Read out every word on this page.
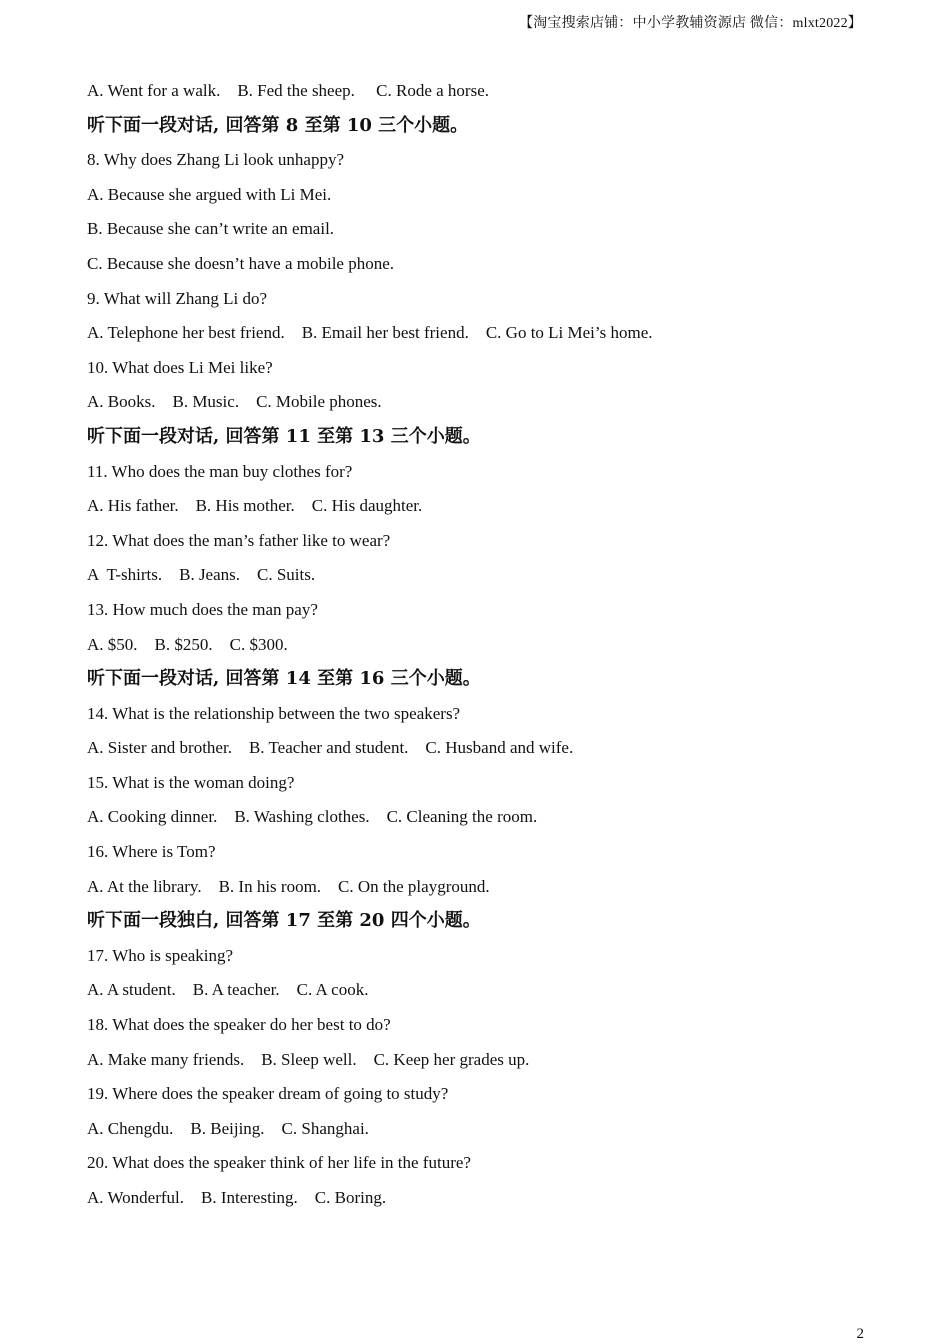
【淘宝搜索店铺：中小学教辅资源店 微信：mlxt2022】
A. Went for a walk.    B. Fed the sheep.     C. Rode a horse.
听下面一段对话, 回答第 8 至第 10 三个小题。
8. Why does Zhang Li look unhappy?
A. Because she argued with Li Mei.
B. Because she can’t write an email.
C. Because she doesn’t have a mobile phone.
9. What will Zhang Li do?
A. Telephone her best friend.    B. Email her best friend.    C. Go to Li Mei’s home.
10. What does Li Mei like?
A. Books.    B. Music.    C. Mobile phones.
听下面一段对话, 回答第 11 至第 13 三个小题。
11. Who does the man buy clothes for?
A. His father.    B. His mother.    C. His daughter.
12. What does the man’s father like to wear?
A  T-shirts.    B. Jeans.    C. Suits.
13. How much does the man pay?
A. $50.    B. $250.    C. $300.
听下面一段对话, 回答第 14 至第 16 三个小题。
14. What is the relationship between the two speakers?
A. Sister and brother.    B. Teacher and student.    C. Husband and wife.
15. What is the woman doing?
A. Cooking dinner.    B. Washing clothes.    C. Cleaning the room.
16. Where is Tom?
A. At the library.    B. In his room.    C. On the playground.
听下面一段独白, 回答第 17 至第 20 四个小题。
17. Who is speaking?
A. A student.    B. A teacher.    C. A cook.
18. What does the speaker do her best to do?
A. Make many friends.    B. Sleep well.    C. Keep her grades up.
19. Where does the speaker dream of going to study?
A. Chengdu.    B. Beijing.    C. Shanghai.
20. What does the speaker think of her life in the future?
A. Wonderful.    B. Interesting.    C. Boring.
2
